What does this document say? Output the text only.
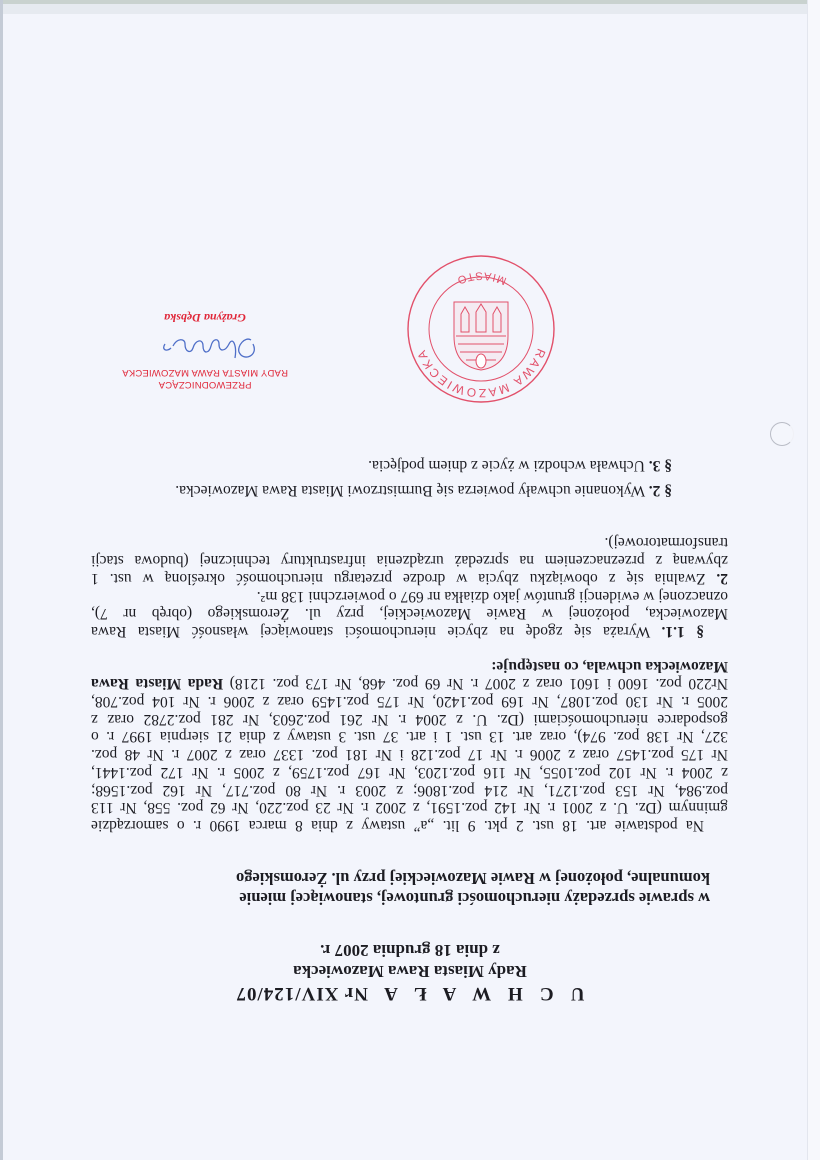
U C H W A Ł A Nr XIV/124/07
Rady Miasta Rawa Mazowiecka
z dnia 18 grudnia 2007 r.
w sprawie sprzedaży nieruchomości gruntowej, stanowiącej mienie
komunalne, położonej w Rawie Mazowieckiej przy ul. Żeromskiego
Na podstawie art. 18 ust. 2 pkt. 9 lit. „a” ustawy z dnia 8 marca 1990 r. o samorządzie
gminnym (Dz. U. z 2001 r. Nr 142 poz.1591, z 2002 r. Nr 23 poz.220, Nr 62 poz. 558, Nr 113
poz.984, Nr 153 poz.1271, Nr 214 poz.1806; z 2003 r. Nr 80 poz.717, Nr 162 poz.1568;
z 2004 r. Nr 102 poz.1055, Nr 116 poz.1203, Nr 167 poz.1759, z 2005 r. Nr 172 poz.1441,
Nr 175 poz.1457 oraz z 2006 r. Nr 17 poz.128 i Nr 181 poz. 1337 oraz z 2007 r. Nr 48 poz.
327, Nr 138 poz. 974), oraz art. 13 ust. 1 i art. 37 ust. 3 ustawy z dnia 21 sierpnia 1997 r. o
gospodarce nieruchomościami (Dz. U. z 2004 r. Nr 261 poz.2603, Nr 281 poz.2782 oraz z
2005 r. Nr 130 poz.1087, Nr 169 poz.1420, Nr 175 poz.1459 oraz z 2006 r. Nr 104 poz.708,
Nr220 poz. 1600 i 1601 oraz z 2007 r. Nr 69 poz. 468, Nr 173 poz. 1218) Rada Miasta Rawa
Mazowiecka uchwala, co następuje:
§ 1.1. Wyraża się zgodę na zbycie nieruchomości stanowiącej własność Miasta Rawa
Mazowiecka, położonej w Rawie Mazowieckiej, przy ul. Żeromskiego (obręb nr 7),
oznaczonej w ewidencji gruntów jako działka nr 697 o powierzchni 138 m².
2. Zwalnia się z obowiązku zbycia w drodze przetargu nieruchomość określoną w ust. 1
zbywaną z przeznaczeniem na sprzedaż urządzenia infrastruktury technicznej (budowa stacji
transformatorowej).
§ 2. Wykonanie uchwały powierza się Burmistrzowi Miasta Rawa Mazowiecka.
§ 3. Uchwała wchodzi w życie z dniem podjęcia.
RAWA MAZOWIECKA
MIASTO
PRZEWODNICZĄCA
RADY MIASTA RAWA MAZOWIECKA
Grażyna Dębska
